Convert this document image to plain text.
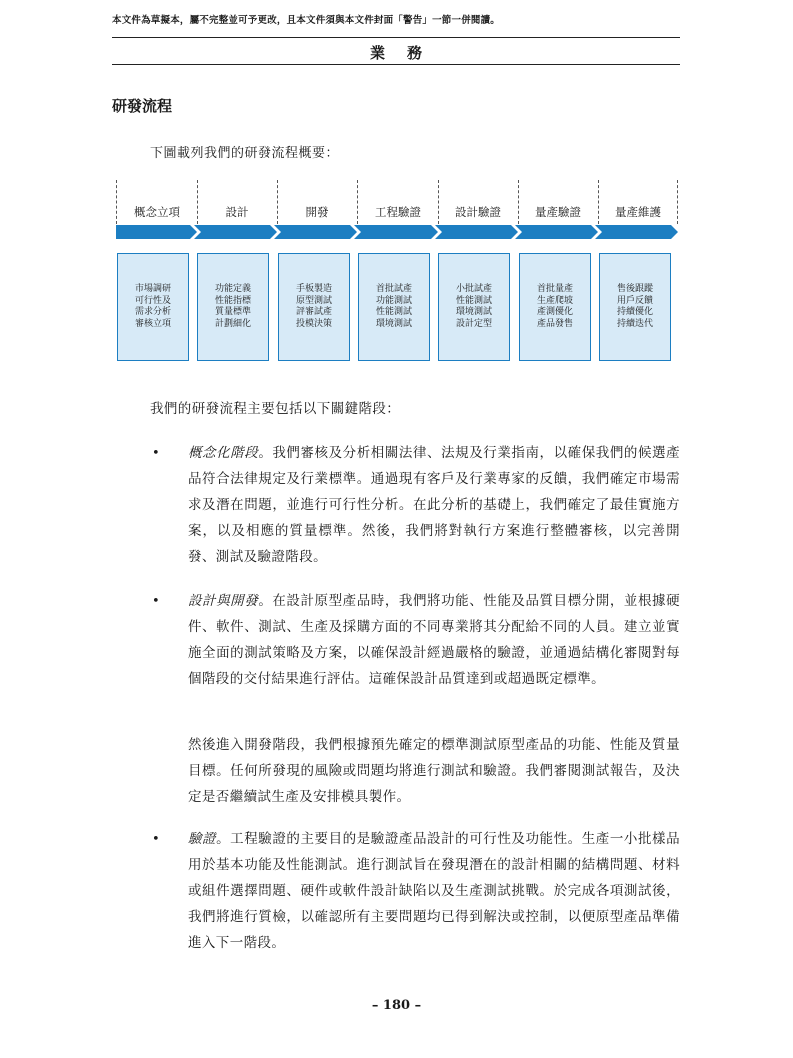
本文件為草擬本，屬不完整並可予更改，且本文件須與本文件封面「警告」一節一併閱讀。
業務
研發流程
下圖載列我們的研發流程概要：
概念立項	設計	開發	工程驗證	設計驗證	量產驗證	量產維護
市場調研
可行性及
需求分析
審核立項
功能定義
性能指標
質量標準
計劃細化
手板製造
原型測試
評審試產
投模決策
首批試產
功能測試
性能測試
環境測試
小批試產
性能測試
環境測試
設計定型
首批量產
生產爬坡
產測優化
產品發售
售後跟蹤
用戶反饋
持續優化
持續迭代
我們的研發流程主要包括以下關鍵階段：
• 概念化階段。我們審核及分析相關法律、法規及行業指南，以確保我們的候選產品符合法律規定及行業標準。通過現有客戶及行業專家的反饋，我們確定市場需求及潛在問題，並進行可行性分析。在此分析的基礎上，我們確定了最佳實施方案，以及相應的質量標準。然後，我們將對執行方案進行整體審核，以完善開發、測試及驗證階段。
• 設計與開發。在設計原型產品時，我們將功能、性能及品質目標分開，並根據硬件、軟件、測試、生產及採購方面的不同專業將其分配給不同的人員。建立並實施全面的測試策略及方案，以確保設計經過嚴格的驗證，並通過結構化審閱對每個階段的交付結果進行評估。這確保設計品質達到或超過既定標準。
然後進入開發階段，我們根據預先確定的標準測試原型產品的功能、性能及質量目標。任何所發現的風險或問題均將進行測試和驗證。我們審閱測試報告，及決定是否繼續試生產及安排模具製作。
• 驗證。工程驗證的主要目的是驗證產品設計的可行性及功能性。生產一小批樣品用於基本功能及性能測試。進行測試旨在發現潛在的設計相關的結構問題、材料或組件選擇問題、硬件或軟件設計缺陷以及生產測試挑戰。於完成各項測試後，我們將進行質檢，以確認所有主要問題均已得到解決或控制，以便原型產品準備進入下一階段。
– 180 –
